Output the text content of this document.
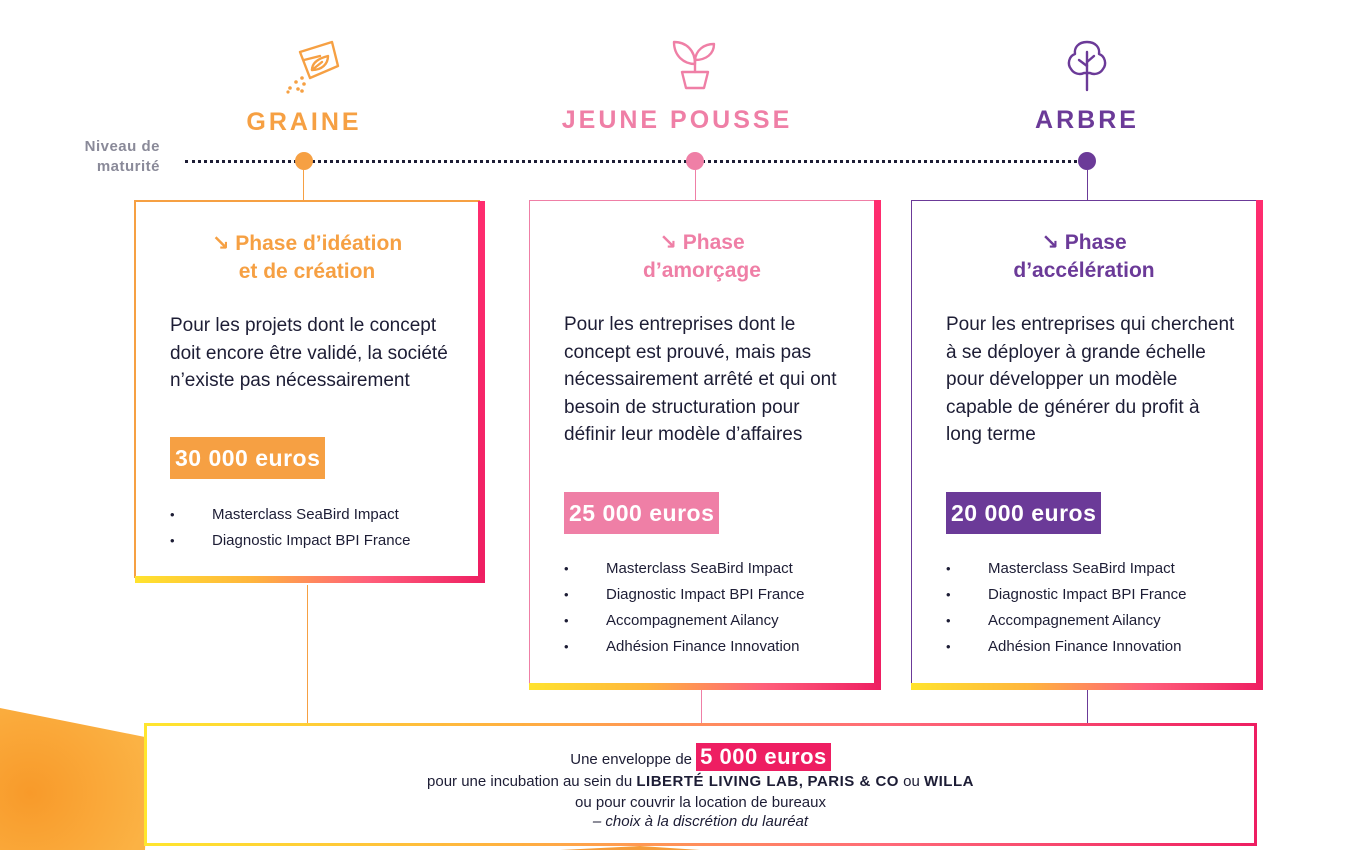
GRAINE	JEUNE POUSSE	ARBRE
Niveau de
maturité
↘ Phase d’idéation
et de création
Pour les projets dont le concept doit encore être validé, la société n’existe pas nécessairement
30 000 euros
• Masterclass SeaBird Impact
• Diagnostic Impact BPI France
↘ Phase
d’amorçage
Pour les entreprises dont le concept est prouvé, mais pas nécessairement arrêté et qui ont besoin de structuration pour définir leur modèle d’affaires
25 000 euros
• Masterclass SeaBird Impact
• Diagnostic Impact BPI France
• Accompagnement Ailancy
• Adhésion Finance Innovation
↘ Phase
d’accélération
Pour les entreprises qui cherchent à se déployer à grande échelle pour développer un modèle capable de générer du profit à long terme
20 000 euros
• Masterclass SeaBird Impact
• Diagnostic Impact BPI France
• Accompagnement Ailancy
• Adhésion Finance Innovation
Une enveloppe de 5 000 euros
pour une incubation au sein du LIBERTÉ LIVING LAB, PARIS & CO ou WILLA
ou pour couvrir la location de bureaux
– choix à la discrétion du lauréat
